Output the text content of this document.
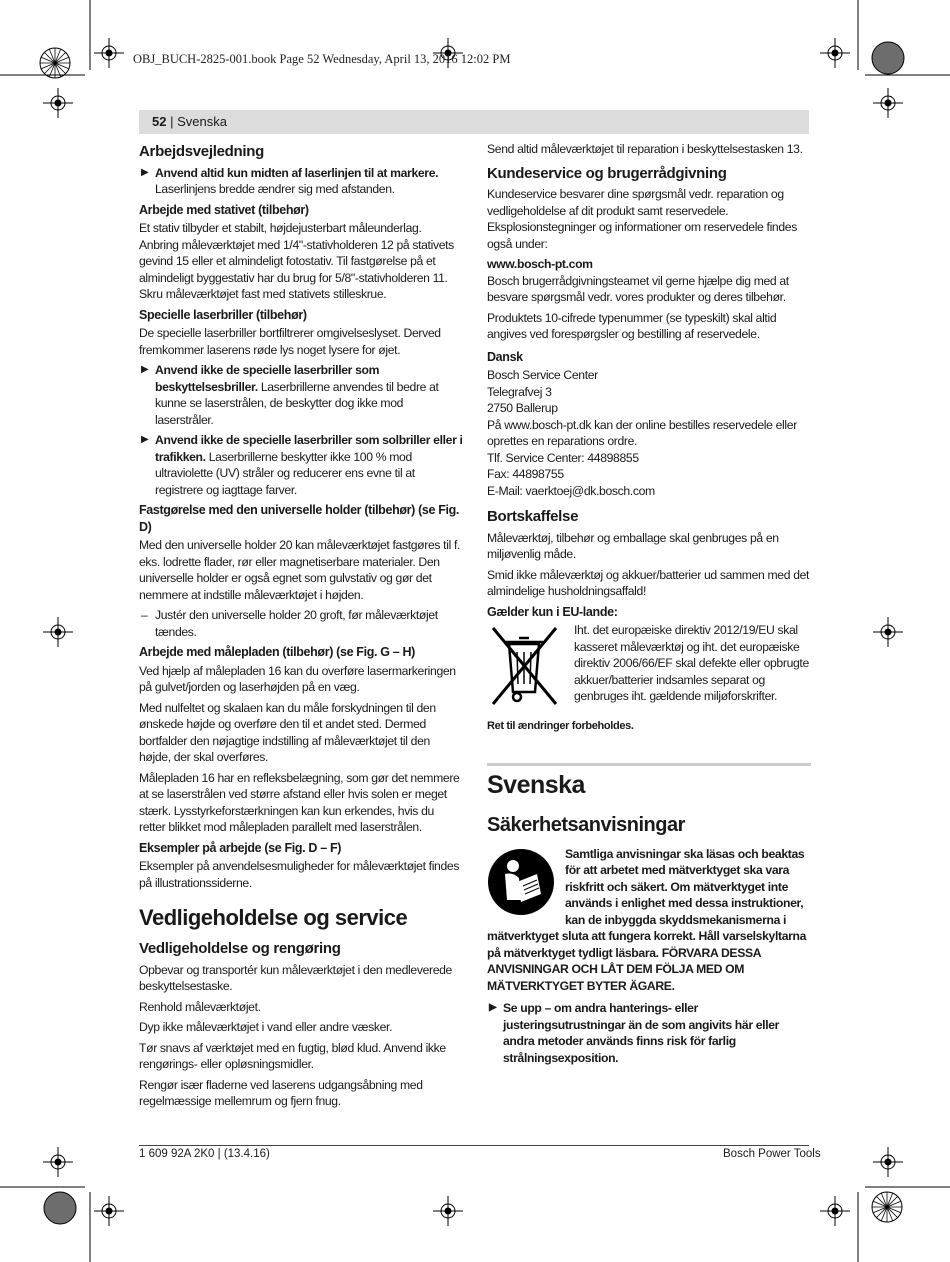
OBJ_BUCH-2825-001.book Page 52 Wednesday, April 13, 2016 12:02 PM
52 | Svenska
Arbejdsvejledning
▶ Anvend altid kun midten af laserlinjen til at markere. Laserlinjens bredde ændrer sig med afstanden.
Arbejde med stativet (tilbehør)

Et stativ tilbyder et stabilt, højdejusterbart måleunderlag. Anbring måleværktøjet med 1/4"-stativholderen 12 på stativets gevind 15 eller et almindeligt fotostativ. Til fastgørelse på et almindeligt byggestativ har du brug for 5/8"-stativholderen 11. Skru måleværktøjet fast med stativets stilleskrue.

Specielle laserbriller (tilbehør)

De specielle laserbriller bortfiltrerer omgivelseslyset. Derved fremkommer laserens røde lys noget lysere for øjet.

▶ Anvend ikke de specielle laserbriller som beskyttelsesbriller. Laserbrillerne anvendes til bedre at kunne se laserstrålen, de beskytter dog ikke mod laserstråler.
▶ Anvend ikke de specielle laserbriller som solbriller eller i trafikken. Laserbrillerne beskytter ikke 100 % mod ultraviolette (UV) stråler og reducerer ens evne til at registrere og iagttage farver.
Fastgørelse med den universelle holder (tilbehør) (se Fig. D)

Med den universelle holder 20 kan måleværktøjet fastgøres til f. eks. lodrette flader, rør eller magnetiserbare materialer. Den universelle holder er også egnet som gulvstativ og gør det nemmere at indstille måleværktøjet i højden.

– Justér den universelle holder 20 groft, før måleværktøjet tændes.
Arbejde med målepladen (tilbehør) (se Fig. G – H)

Ved hjælp af målepladen 16 kan du overføre lasermarkeringen på gulvet/jorden og laserhøjden på en væg.

Med nulfeltet og skalaen kan du måle forskydningen til den ønskede højde og overføre den til et andet sted. Dermed bortfalder den nøjagtige indstilling af måleværktøjet til den højde, der skal overføres.

Målepladen 16 har en refleksbelægning, som gør det nemmere at se laserstrålen ved større afstand eller hvis solen er meget stærk. Lysstyrkeforstærkningen kan kun erkendes, hvis du retter blikket mod målepladen parallelt med laserstrålen.

Eksempler på arbejde (se Fig. D – F)

Eksempler på anvendelsesmuligheder for måleværktøjet findes på illustrationssiderne.

Vedligeholdelse og service
Vedligeholdelse og rengøring

Opbevar og transportér kun måleværktøjet i den medleverede beskyttelsestaske.

Renhold måleværktøjet.

Dyp ikke måleværktøjet i vand eller andre væsker.

Tør snavs af værktøjet med en fugtig, blød klud. Anvend ikke rengørings- eller opløsningsmidler.

Rengør især fladerne ved laserens udgangsåbning med regelmæssige mellemrum og fjern fnug.

Send altid måleværktøjet til reparation i beskyttelsestasken 13.

Kundeservice og brugerrådgivning

Kundeservice besvarer dine spørgsmål vedr. reparation og vedligeholdelse af dit produkt samt reservedele. Eksplosionstegninger og informationer om reservedele findes også under:

www.bosch-pt.com

Bosch brugerrådgivningsteamet vil gerne hjælpe dig med at besvare spørgsmål vedr. vores produkter og deres tilbehør.

Produktets 10-cifrede typenummer (se typeskilt) skal altid angives ved forespørgsler og bestilling af reservedele.

Dansk

Bosch Service Center

Telegrafvej 3

2750 Ballerup

På www.bosch-pt.dk kan der online bestilles reservedele eller oprettes en reparations ordre.

Tlf. Service Center: 44898855

Fax: 44898755

E-Mail: vaerktoej@dk.bosch.com

Bortskaffelse

Måleværktøj, tilbehør og emballage skal genbruges på en miljøvenlig måde.

Smid ikke måleværktøj og akkuer/batterier ud sammen med det almindelige husholdningsaffald!

Gælder kun i EU-lande:

Iht. det europæiske direktiv 2012/19/EU skal kasseret måleværktøj og iht. det europæiske direktiv 2006/66/EF skal defekte eller opbrugte akkuer/batterier indsamles separat og genbruges iht. gældende miljøforskrifter.

Ret til ændringer forbeholdes.
Svenska
Säkerhetsanvisningar

Samtliga anvisningar ska läsas och beaktas för att arbetet med mätverktyget ska vara riskfritt och säkert. Om mätverktyget inte används i enlighet med dessa instruktioner, kan de inbyggda skyddsmekanismerna i mätverktyget sluta att fungera korrekt. Håll varselskyltarna på mätverktyget tydligt läsbara. FÖRVARA DESSA ANVISNINGAR OCH LÅT DEM FÖLJA MED OM MÄTVERKTYGET BYTER ÄGARE.

▶ Se upp – om andra hanterings- eller justeringsutrustningar än de som angivits här eller andra metoder används finns risk för farlig strålningsexposition.
1 609 92A 2K0 | (13.4.16)	Bosch Power Tools
